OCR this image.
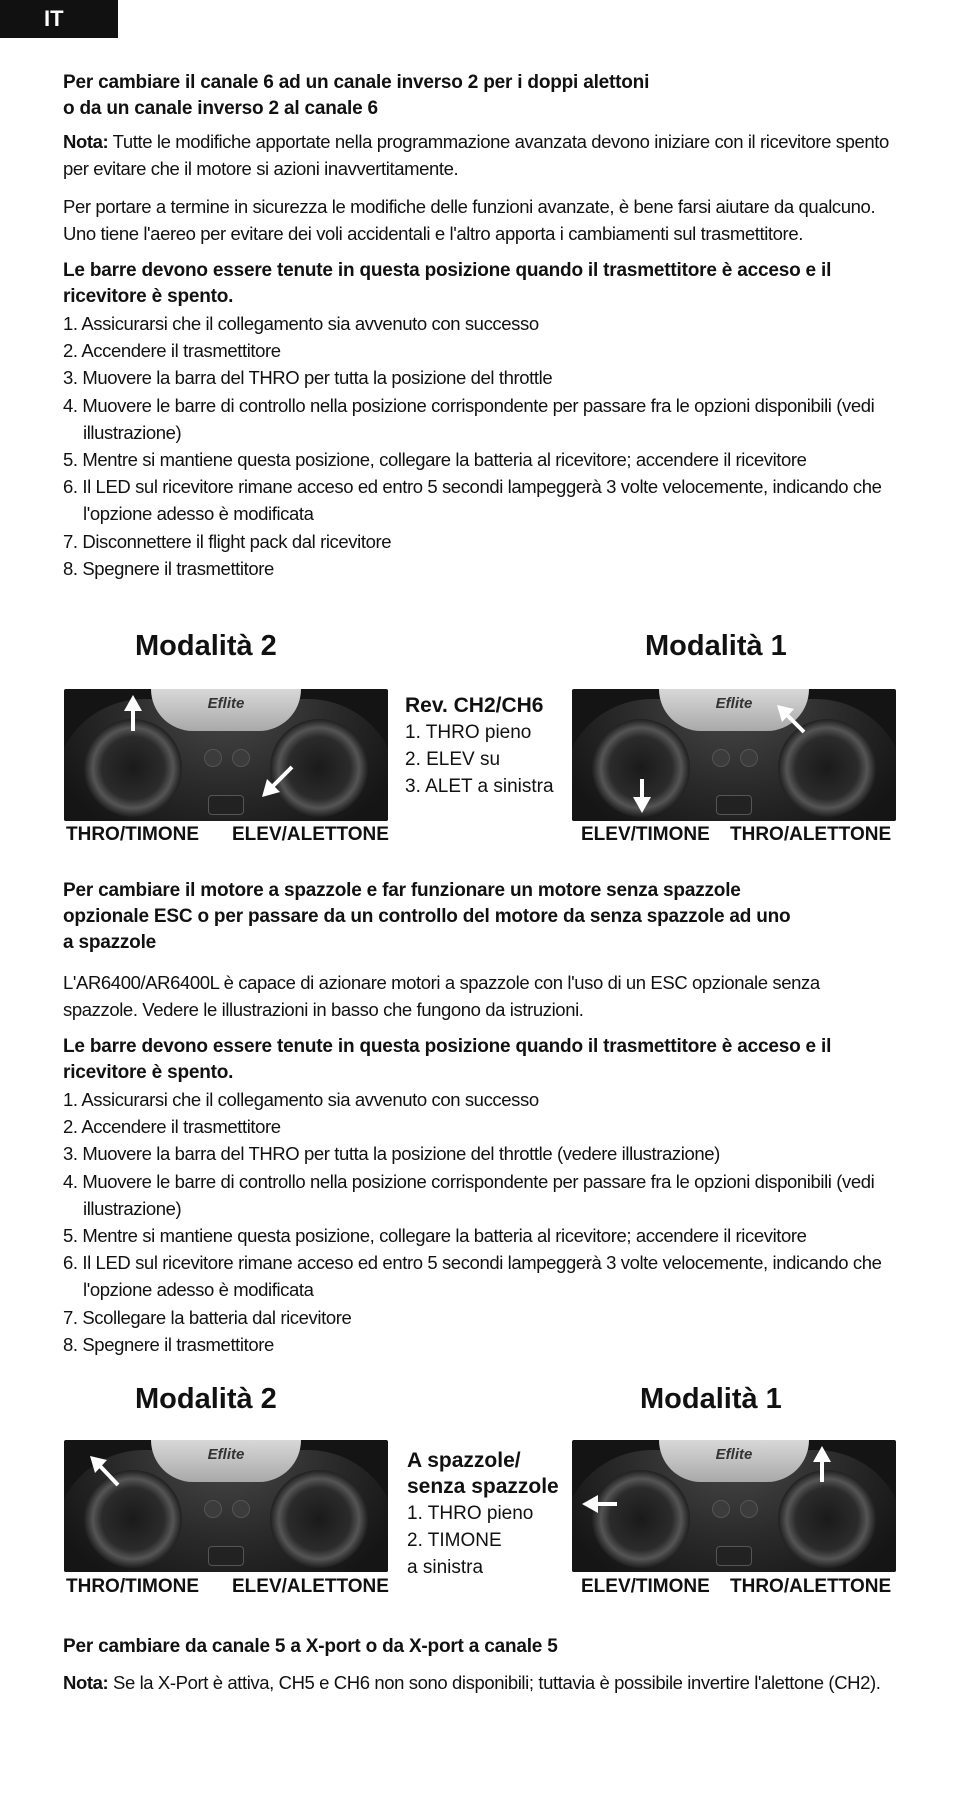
IT

Per cambiare il canale 6 ad un canale inverso 2 per i doppi alettoni
o da un canale inverso 2 al canale 6

Nota: Tutte le modifiche apportate nella programmazione avanzata devono iniziare con il ricevitore spento per evitare che il motore si azioni inavvertitamente.

Per portare a termine in sicurezza le modifiche delle funzioni avanzate, è bene farsi aiutare da qualcuno. Uno tiene l'aereo per evitare dei voli accidentali e l'altro apporta i cambiamenti sul trasmettitore.

Le barre devono essere tenute in questa posizione quando il trasmettitore è acceso e il ricevitore è spento.

1. Assicurarsi che il collegamento sia avvenuto con successo
2. Accendere il trasmettitore
3. Muovere la barra del THRO per tutta la posizione del throttle
4. Muovere le barre di controllo nella posizione corrispondente per passare fra le opzioni disponibili (vedi illustrazione)
5. Mentre si mantiene questa posizione, collegare la batteria al ricevitore; accendere il ricevitore
6. Il LED sul ricevitore rimane acceso ed entro 5 secondi lampeggerà 3 volte velocemente, indicando che l'opzione adesso è modificata
7. Disconnettere il flight pack dal ricevitore
8. Spegnere il trasmettitore
Modalità 2	Modalità 1
Eflite	Rev. CH2/CH6
1. THRO pieno
2. ELEV su
3. ALET a sinistra
Eflite
THRO/TIMONE ELEV/ALETTONE	ELEV/TIMONE THRO/ALETTONE

Per cambiare il motore a spazzole e far funzionare un motore senza spazzole
opzionale ESC o per passare da un controllo del motore da senza spazzole ad uno
a spazzole

L'AR6400/AR6400L è capace di azionare motori a spazzole con l'uso di un ESC opzionale senza spazzole. Vedere le illustrazioni in basso che fungono da istruzioni.

Le barre devono essere tenute in questa posizione quando il trasmettitore è acceso e il ricevitore è spento.

1. Assicurarsi che il collegamento sia avvenuto con successo
2. Accendere il trasmettitore
3. Muovere la barra del THRO per tutta la posizione del throttle (vedere illustrazione)
4. Muovere le barre di controllo nella posizione corrispondente per passare fra le opzioni disponibili (vedi illustrazione)
5. Mentre si mantiene questa posizione, collegare la batteria al ricevitore; accendere il ricevitore
6. Il LED sul ricevitore rimane acceso ed entro 5 secondi lampeggerà 3 volte velocemente, indicando che l'opzione adesso è modificata
7. Scollegare la batteria dal ricevitore
8. Spegnere il trasmettitore
Modalità 2	Modalità 1
Eflite	A spazzole/
senza spazzole
1. THRO pieno
2. TIMONE
a sinistra
Eflite
THRO/TIMONE ELEV/ALETTONE	ELEV/TIMONE THRO/ALETTONE

Per cambiare da canale 5 a X-port o da X-port a canale 5

Nota: Se la X-Port è attiva, CH5 e CH6 non sono disponibili; tuttavia è possibile invertire l'alettone (CH2).
